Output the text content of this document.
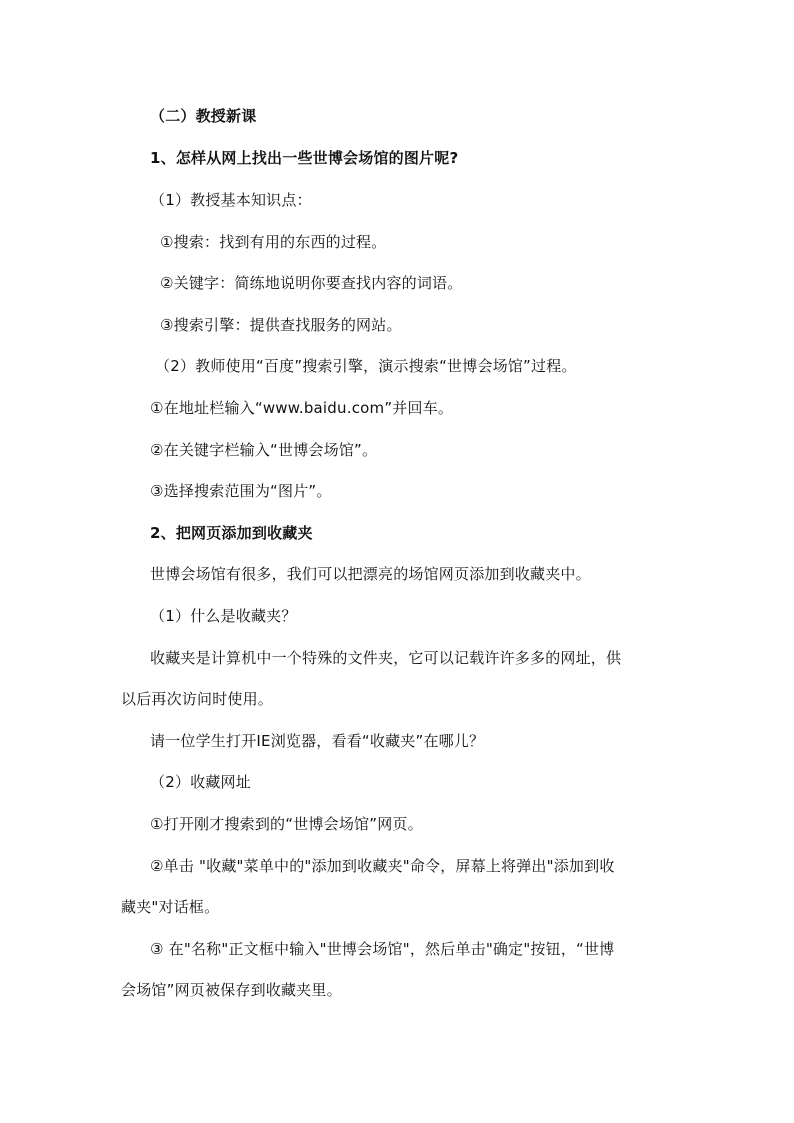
（二）教授新课
1、怎样从网上找出一些世博会场馆的图片呢?
（1）教授基本知识点：
①搜索：找到有用的东西的过程。
②关键字：简练地说明你要查找内容的词语。
③搜索引擎：提供查找服务的网站。
（2）教师使用“百度”搜索引擎，演示搜索“世博会场馆”过程。
①在地址栏输入“www.baidu.com”并回车。
②在关键字栏输入“世博会场馆”。
③选择搜索范围为“图片”。
2、把网页添加到收藏夹
世博会场馆有很多，我们可以把漂亮的场馆网页添加到收藏夹中。
（1）什么是收藏夹？
收藏夹是计算机中一个特殊的文件夹，它可以记载许许多多的网址，供
以后再次访问时使用。
请一位学生打开IE浏览器，看看“收藏夹”在哪儿？
（2）收藏网址
①打开刚才搜索到的“世博会场馆”网页。
②单击 "收藏"菜单中的"添加到收藏夹"命令，屏幕上将弹出"添加到收
藏夹"对话框。
③ 在"名称"正文框中输入"世博会场馆"，然后单击"确定"按钮，“世博
会场馆”网页被保存到收藏夹里。
